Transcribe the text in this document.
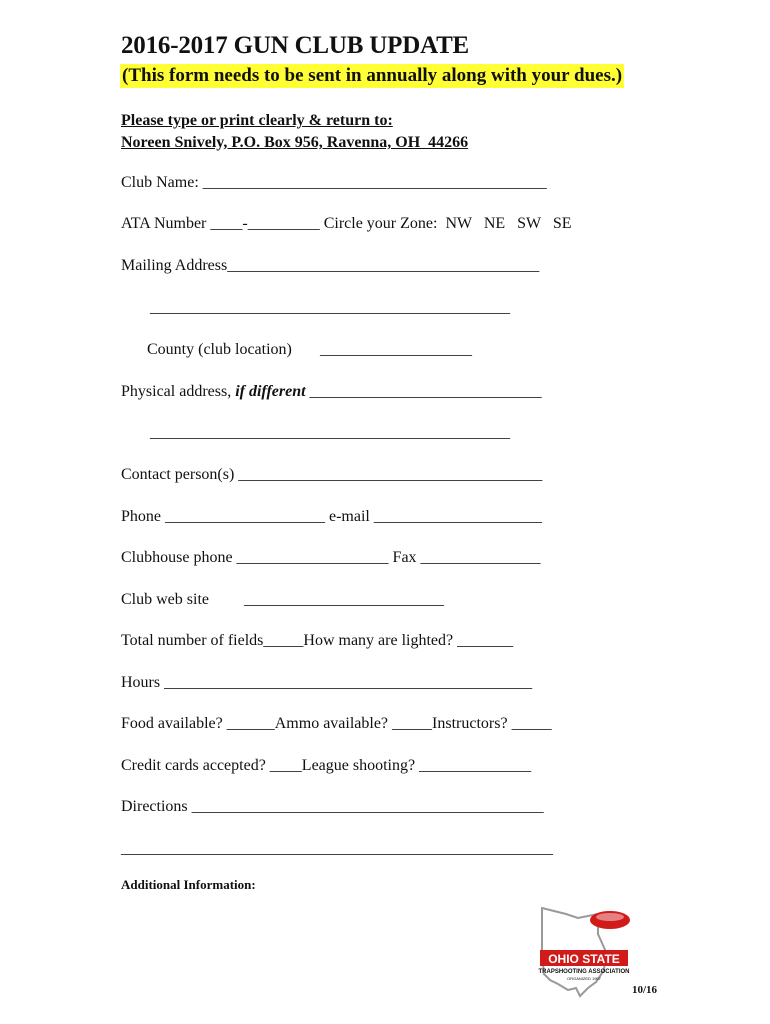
2016-2017 GUN CLUB UPDATE
(This form needs to be sent in annually along with your dues.)
Please type or print clearly & return to:
Noreen Snively, P.O. Box 956, Ravenna, OH  44266
Club Name: ___________________________________________
ATA Number ____-_________ Circle your Zone:  NW   NE   SW   SE
Mailing Address_______________________________________
_____________________________________________
County (club location) ___________________
Physical address, if different _____________________________
_____________________________________________
Contact person(s) ______________________________________
Phone ____________________ e-mail _____________________
Clubhouse phone ___________________ Fax _______________
Club web site _________________________
Total number of fields_____How many are lighted? _______
Hours ______________________________________________
Food available? ______Ammo available? _____Instructors? _____
Credit cards accepted? ____League shooting? ______________
Directions ____________________________________________
______________________________________________________
Additional Information:
OHIO STATE
TRAPSHOOTING ASSOCIATION
ORGANIZED 1907
10/16
